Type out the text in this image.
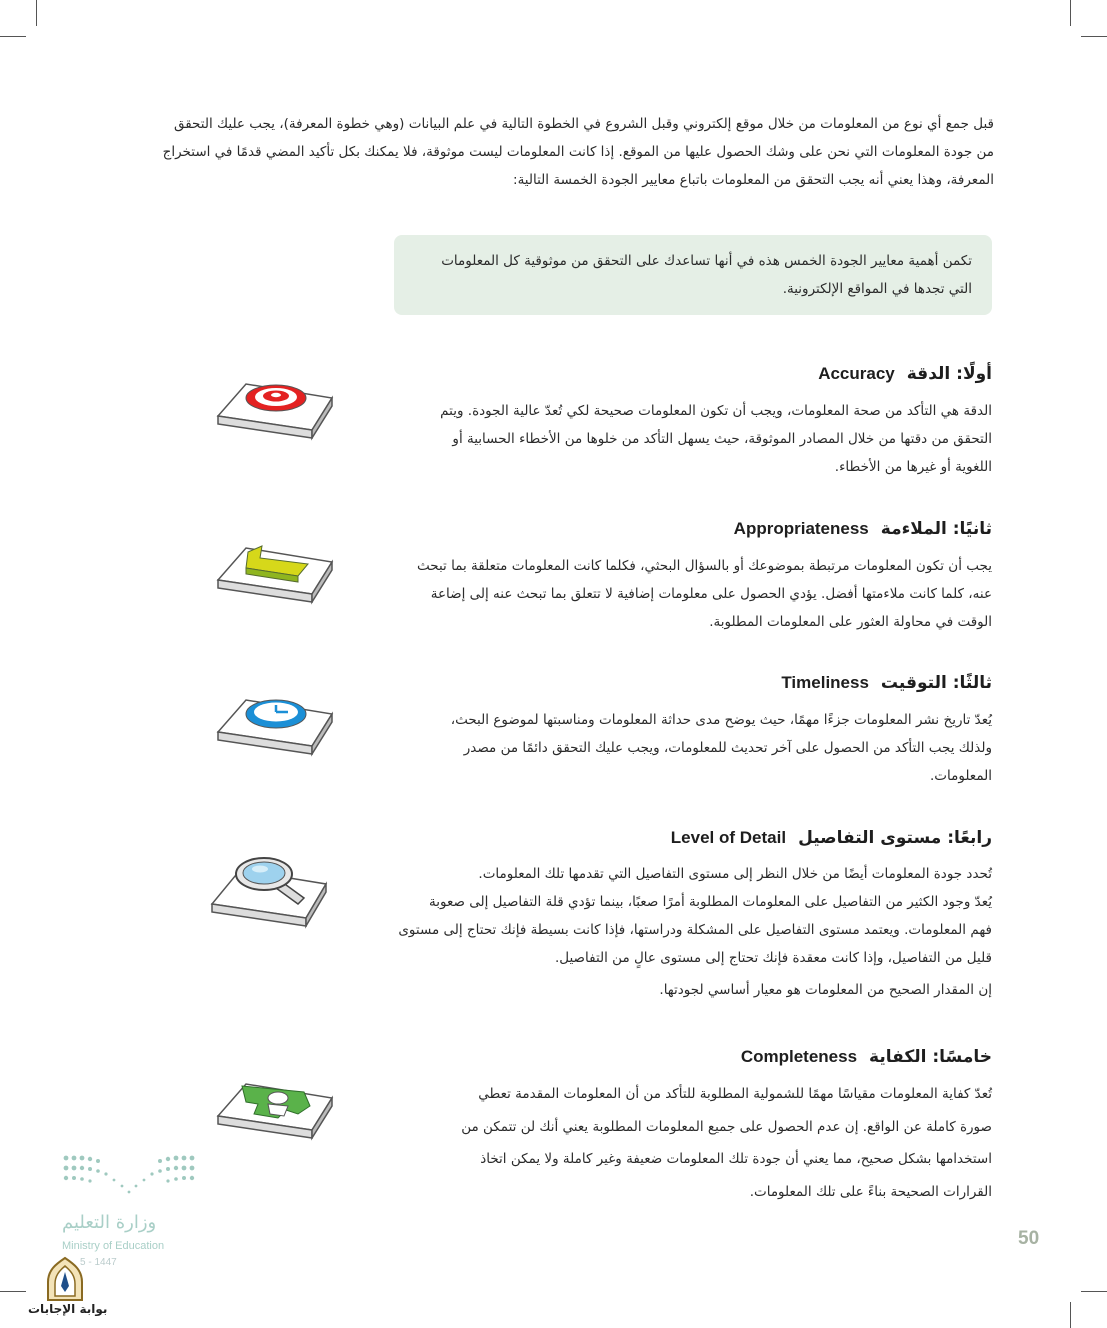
قبل جمع أي نوع من المعلومات من خلال موقع إلكتروني وقبل الشروع في الخطوة التالية في علم البيانات (وهي خطوة المعرفة)، يجب عليك التحقق
من جودة المعلومات التي نحن على وشك الحصول عليها من الموقع. إذا كانت المعلومات ليست موثوقة، فلا يمكنك بكل تأكيد المضي قدمًا في استخراج
المعرفة، وهذا يعني أنه يجب التحقق من المعلومات باتباع معايير الجودة الخمسة التالية:
تكمن أهمية معايير الجودة الخمس هذه في أنها تساعدك على التحقق من موثوقية كل المعلومات
التي تجدها في المواقع الإلكترونية.
أولًا: الدقةAccuracy
الدقة هي التأكد من صحة المعلومات، ويجب أن تكون المعلومات صحيحة لكي تُعدّ عالية الجودة. ويتم
التحقق من دقتها من خلال المصادر الموثوقة، حيث يسهل التأكد من خلوها من الأخطاء الحسابية أو
اللغوية أو غيرها من الأخطاء.
ثانيًا: الملاءمةAppropriateness
يجب أن تكون المعلومات مرتبطة بموضوعك أو بالسؤال البحثي، فكلما كانت المعلومات متعلقة بما تبحث
عنه، كلما كانت ملاءمتها أفضل. يؤدي الحصول على معلومات إضافية لا تتعلق بما تبحث عنه إلى إضاعة
الوقت في محاولة العثور على المعلومات المطلوبة.
ثالثًا: التوقيتTimeliness
يُعدّ تاريخ نشر المعلومات جزءًا مهمًا، حيث يوضح مدى حداثة المعلومات ومناسبتها لموضوع البحث،
ولذلك يجب التأكد من الحصول على آخر تحديث للمعلومات، ويجب عليك التحقق دائمًا من مصدر
المعلومات.
رابعًا: مستوى التفاصيلLevel of Detail
تُحدد جودة المعلومات أيضًا من خلال النظر إلى مستوى التفاصيل التي تقدمها تلك المعلومات.
يُعدّ وجود الكثير من التفاصيل على المعلومات المطلوبة أمرًا صعبًا، بينما تؤدي قلة التفاصيل إلى صعوبة
فهم المعلومات. ويعتمد مستوى التفاصيل على المشكلة ودراستها، فإذا كانت بسيطة فإنك تحتاج إلى مستوى
قليل من التفاصيل، وإذا كانت معقدة فإنك تحتاج إلى مستوى عالٍ من التفاصيل.
إن المقدار الصحيح من المعلومات هو معيار أساسي لجودتها.
خامسًا: الكفايةCompleteness
تُعدّ كفاية المعلومات مقياسًا مهمًا للشمولية المطلوبة للتأكد من أن المعلومات المقدمة تعطي
صورة كاملة عن الواقع. إن عدم الحصول على جميع المعلومات المطلوبة يعني أنك لن تتمكن من
استخدامها بشكل صحيح، مما يعني أن جودة تلك المعلومات ضعيفة وغير كاملة ولا يمكن اتخاذ
القرارات الصحيحة بناءً على تلك المعلومات.
50
وزارة التعليم
Ministry of Education
5 - 1447
بوابة الإجابات
